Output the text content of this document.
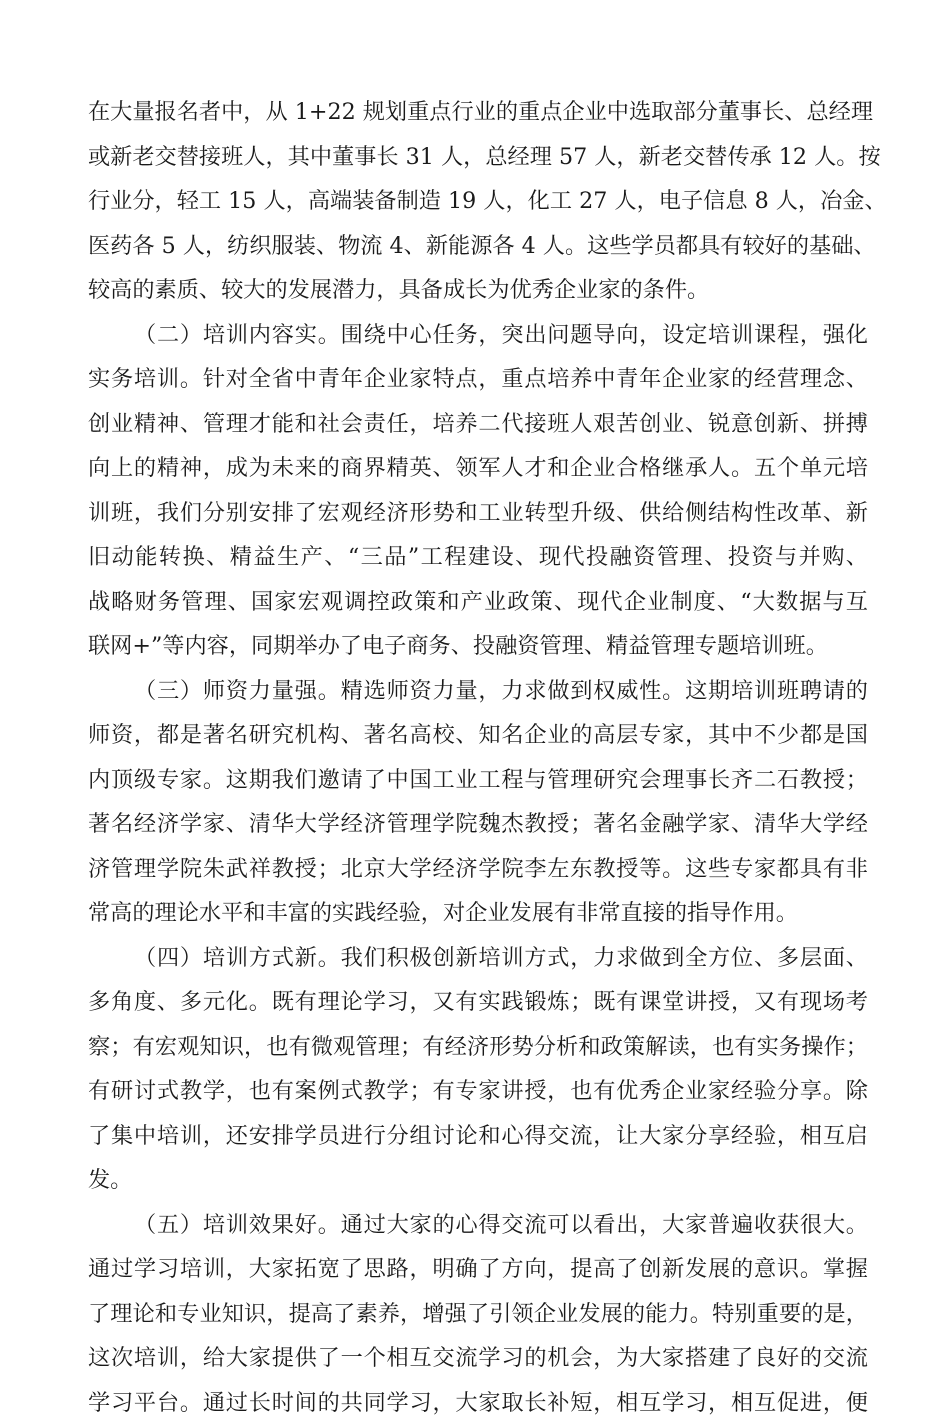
在大量报名者中，从 1+22 规划重点行业的重点企业中选取部分董事长、总经理
或新老交替接班人，其中董事长 31 人，总经理 57 人，新老交替传承 12 人。按
行业分，轻工 15 人，高端装备制造 19 人，化工 27 人，电子信息 8 人，冶金、
医药各 5 人，纺织服装、物流 4、新能源各 4 人。这些学员都具有较好的基础、
较高的素质、较大的发展潜力，具备成长为优秀企业家的条件。
（二）培训内容实。围绕中心任务，突出问题导向，设定培训课程，强化
实务培训。针对全省中青年企业家特点，重点培养中青年企业家的经营理念、
创业精神、管理才能和社会责任，培养二代接班人艰苦创业、锐意创新、拼搏
向上的精神，成为未来的商界精英、领军人才和企业合格继承人。五个单元培
训班，我们分别安排了宏观经济形势和工业转型升级、供给侧结构性改革、新
旧动能转换、精益生产、“三品”工程建设、现代投融资管理、投资与并购、
战略财务管理、国家宏观调控政策和产业政策、现代企业制度、“大数据与互
联网+”等内容，同期举办了电子商务、投融资管理、精益管理专题培训班。
（三）师资力量强。精选师资力量，力求做到权威性。这期培训班聘请的
师资，都是著名研究机构、著名高校、知名企业的高层专家，其中不少都是国
内顶级专家。这期我们邀请了中国工业工程与管理研究会理事长齐二石教授；
著名经济学家、清华大学经济管理学院魏杰教授；著名金融学家、清华大学经
济管理学院朱武祥教授；北京大学经济学院李左东教授等。这些专家都具有非
常高的理论水平和丰富的实践经验，对企业发展有非常直接的指导作用。
（四）培训方式新。我们积极创新培训方式，力求做到全方位、多层面、
多角度、多元化。既有理论学习，又有实践锻炼；既有课堂讲授，又有现场考
察；有宏观知识，也有微观管理；有经济形势分析和政策解读，也有实务操作；
有研讨式教学，也有案例式教学；有专家讲授，也有优秀企业家经验分享。除
了集中培训，还安排学员进行分组讨论和心得交流，让大家分享经验，相互启
发。
（五）培训效果好。通过大家的心得交流可以看出，大家普遍收获很大。
通过学习培训，大家拓宽了思路，明确了方向，提高了创新发展的意识。掌握
了理论和专业知识，提高了素养，增强了引领企业发展的能力。特别重要的是，
这次培训，给大家提供了一个相互交流学习的机会，为大家搭建了良好的交流
学习平台。通过长时间的共同学习，大家取长补短，相互学习，相互促进，便
